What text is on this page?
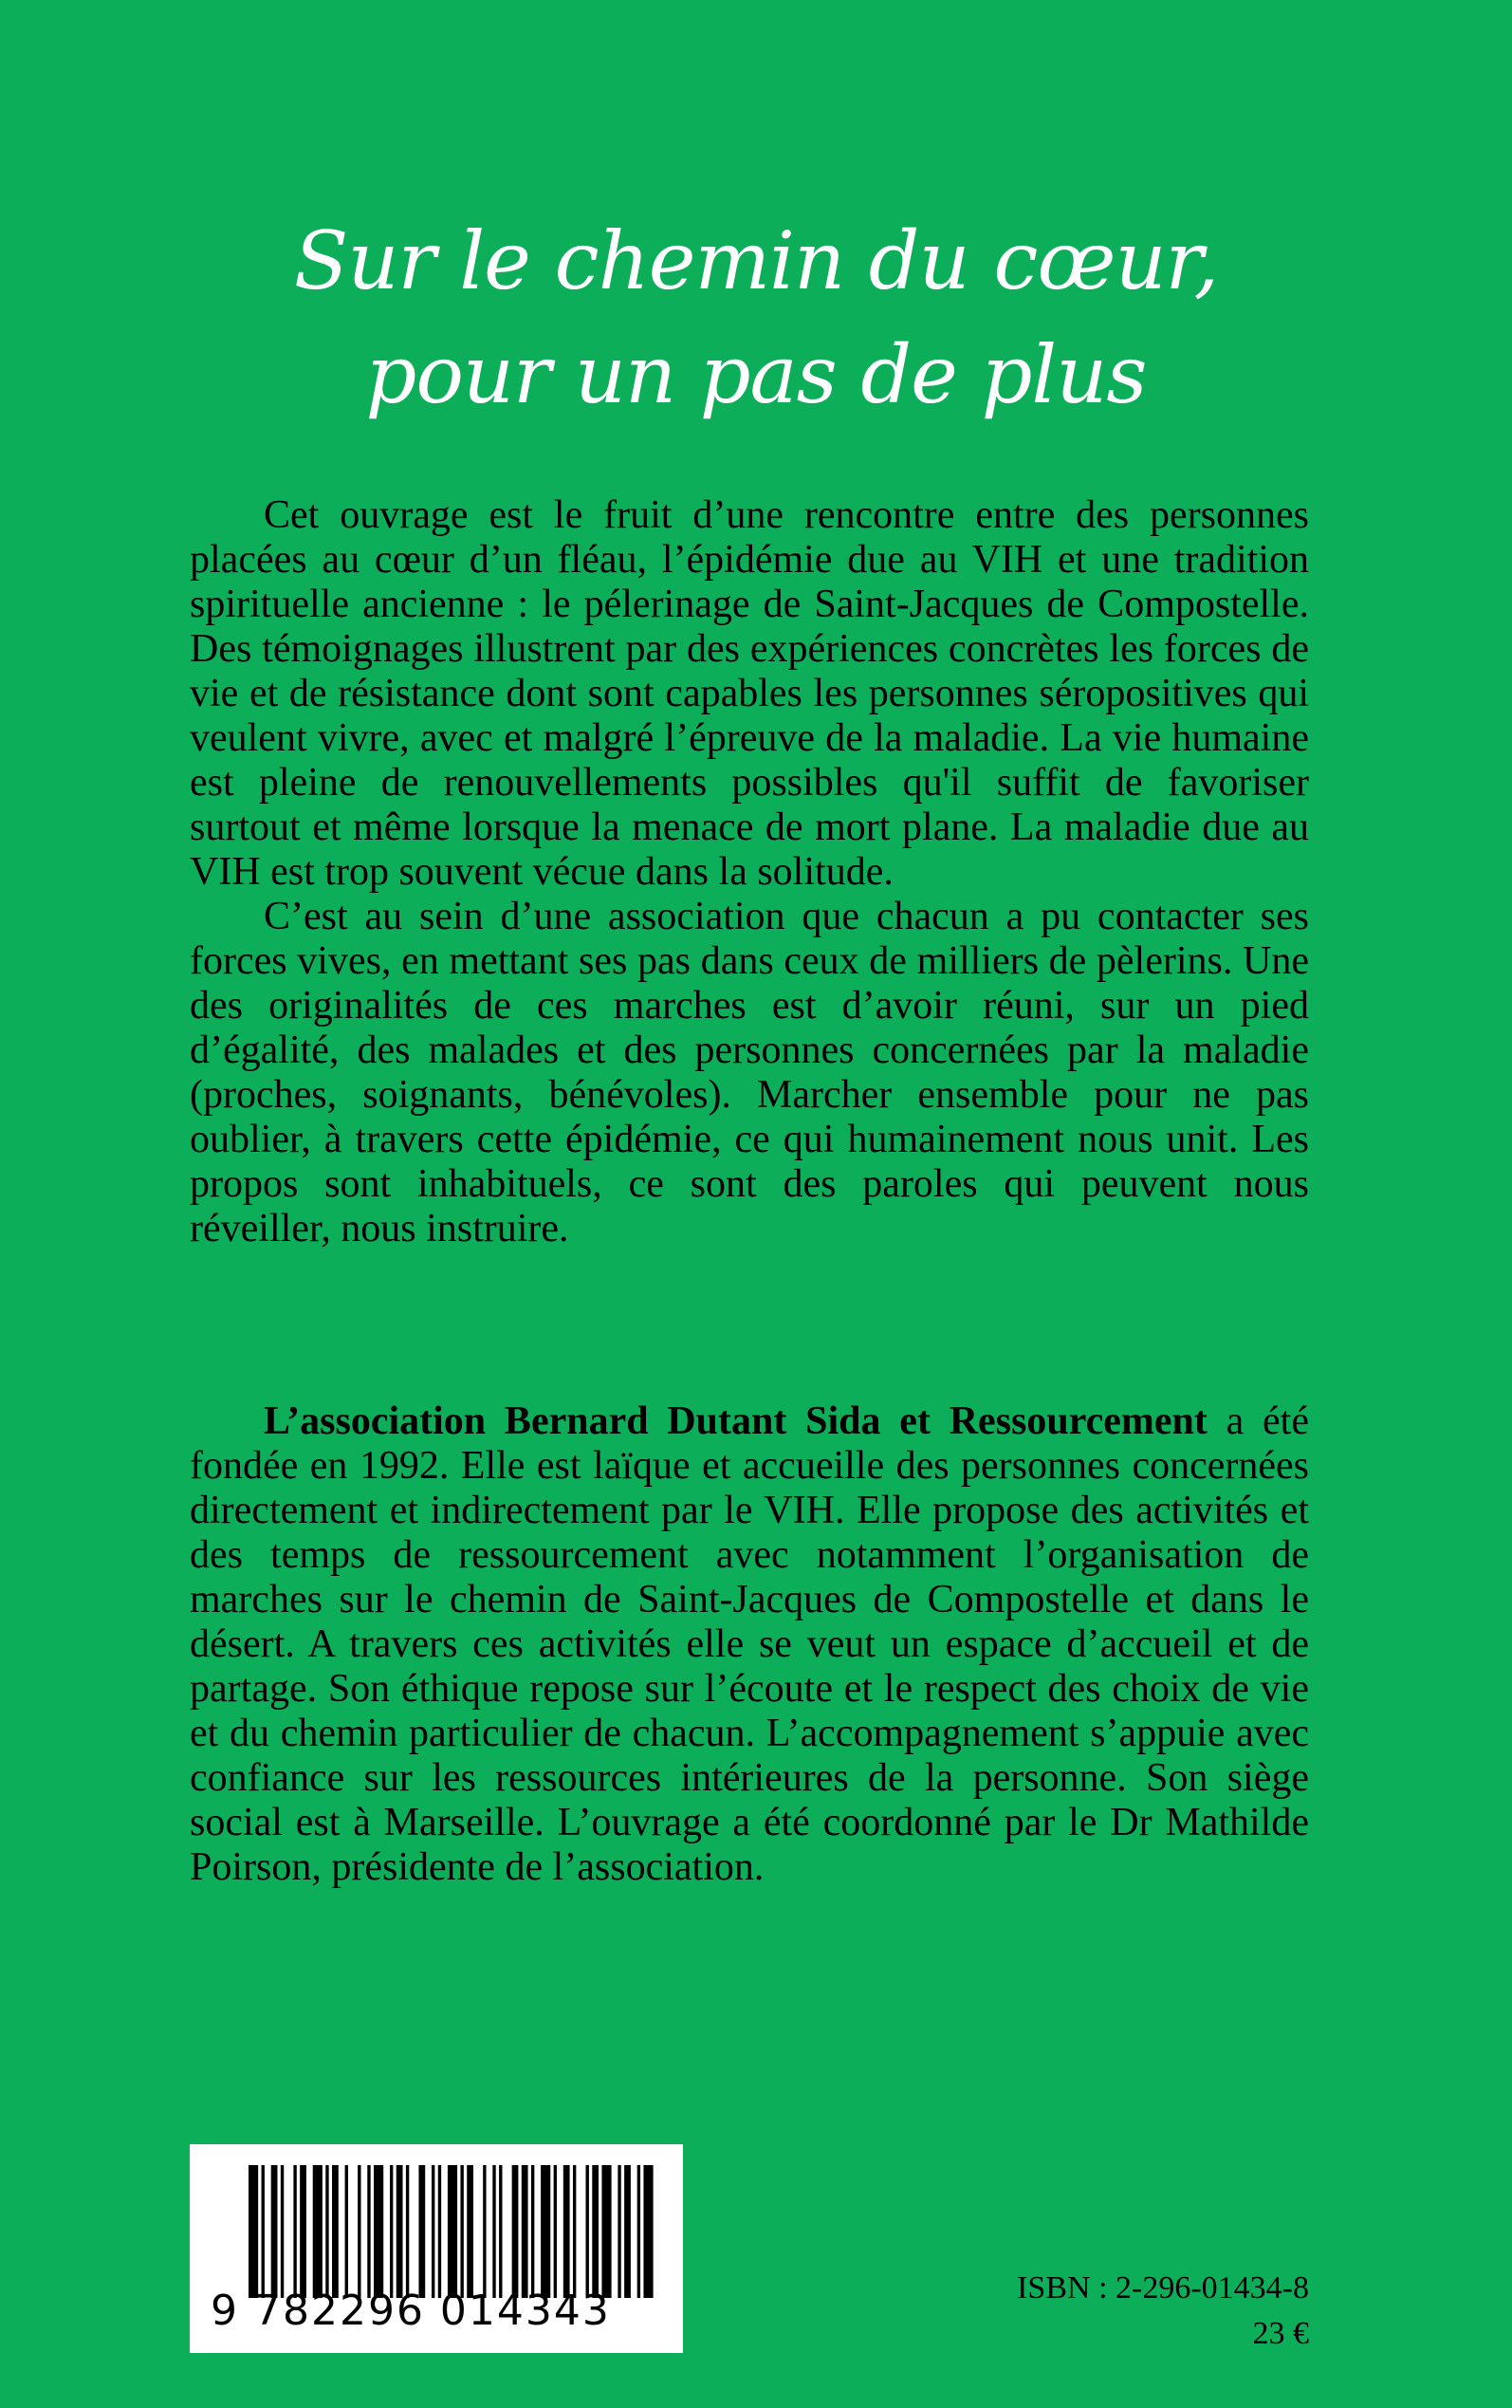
Sur le chemin du cœur,
pour un pas de plus

Cet ouvrage est le fruit d’une rencontre entre des personnes placées au cœur d’un fléau, l’épidémie due au VIH et une tradition spirituelle ancienne : le pélerinage de Saint-Jacques de Compostelle. Des témoignages illustrent par des expériences concrètes les forces de vie et de résistance dont sont capables les personnes séropositives qui veulent vivre, avec et malgré l’épreuve de la maladie. La vie humaine est pleine de renouvellements possibles qu'il suffit de favoriser surtout et même lorsque la menace de mort plane. La maladie due au VIH est trop souvent vécue dans la solitude.

C’est au sein d’une association que chacun a pu contacter ses forces vives, en mettant ses pas dans ceux de milliers de pèlerins. Une des originalités de ces marches est d’avoir réuni, sur un pied d’égalité, des malades et des personnes concernées par la maladie (proches, soignants, bénévoles). Marcher ensemble pour ne pas oublier, à travers cette épidémie, ce qui humainement nous unit. Les propos sont inhabituels, ce sont des paroles qui peuvent nous réveiller, nous instruire.

L’association Bernard Dutant Sida et Ressourcement a été fondée en 1992. Elle est laïque et accueille des personnes concernées directement et indirectement par le VIH. Elle propose des activités et des temps de ressourcement avec notamment l’organisation de marches sur le chemin de Saint-Jacques de Compostelle et dans le désert. A travers ces activités elle se veut un espace d’accueil et de partage. Son éthique repose sur l’écoute et le respect des choix de vie et du chemin particulier de chacun. L’accompagnement s’appuie avec confiance sur les ressources intérieures de la personne. Son siège social est à Marseille. L’ouvrage a été coordonné par le Dr Mathilde Poirson, présidente de l’association.

9 782296 014343	ISBN : 2-296-01434-8
23 €
